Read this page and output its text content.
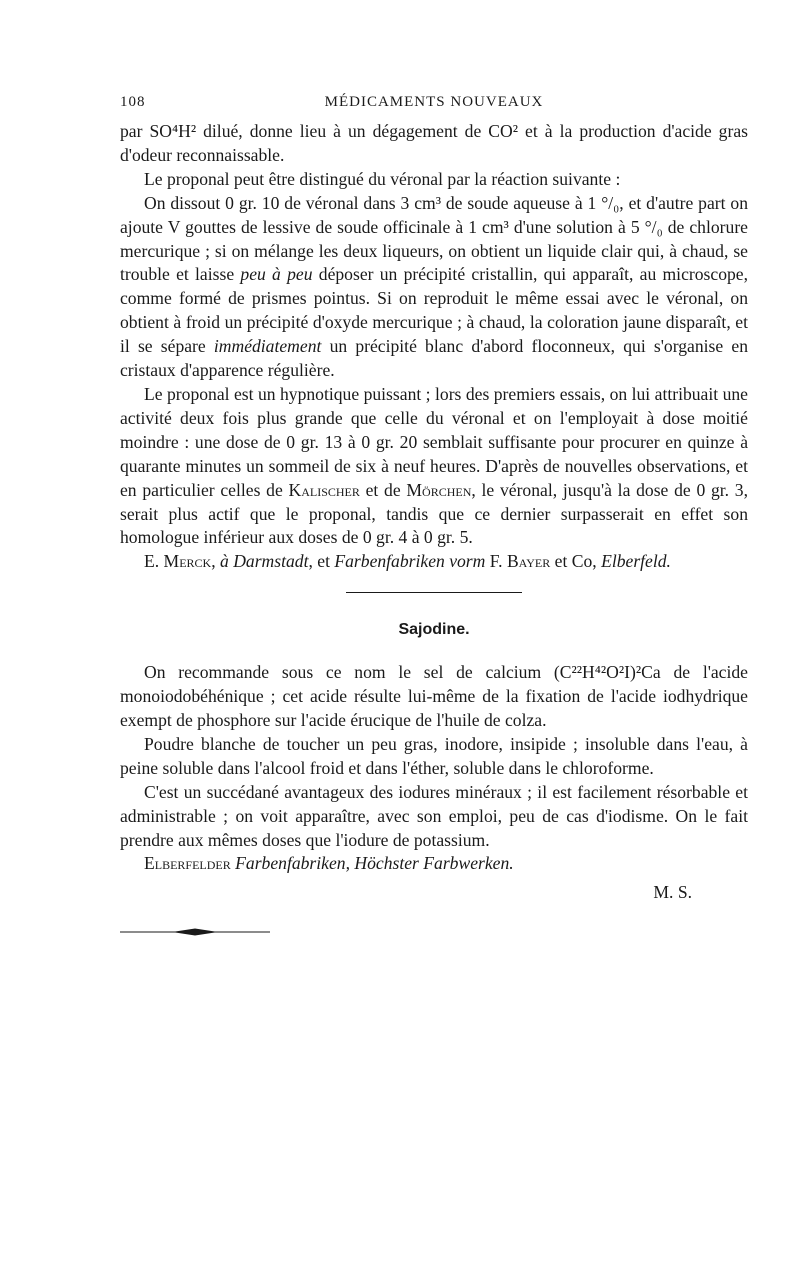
108	MÉDICAMENTS NOUVEAUX

par SO⁴H² dilué, donne lieu à un dégagement de CO² et à la production d'acide gras d'odeur reconnaissable.

Le proponal peut être distingué du véronal par la réaction suivante :

On dissout 0 gr. 10 de véronal dans 3 cm³ de soude aqueuse à 1 °/₀, et d'autre part on ajoute V gouttes de lessive de soude officinale à 1 cm³ d'une solution à 5 °/₀ de chlorure mercurique ; si on mélange les deux liqueurs, on obtient un liquide clair qui, à chaud, se trouble et laisse peu à peu déposer un précipité cristallin, qui apparaît, au microscope, comme formé de prismes pointus. Si on reproduit le même essai avec le véronal, on obtient à froid un précipité d'oxyde mercurique ; à chaud, la coloration jaune disparaît, et il se sépare immédiatement un précipité blanc d'abord floconneux, qui s'organise en cristaux d'apparence régulière.

Le proponal est un hypnotique puissant ; lors des premiers essais, on lui attribuait une activité deux fois plus grande que celle du véronal et on l'employait à dose moitié moindre : une dose de 0 gr. 13 à 0 gr. 20 semblait suffisante pour procurer en quinze à quarante minutes un sommeil de six à neuf heures. D'après de nouvelles observations, et en particulier celles de Kalischer et de Mörchen, le véronal, jusqu'à la dose de 0 gr. 3, serait plus actif que le proponal, tandis que ce dernier surpasserait en effet son homologue inférieur aux doses de 0 gr. 4 à 0 gr. 5.

E. Merck, à Darmstadt, et Farbenfabriken vorm F. Bayer et Co, Elberfeld.

Sajodine.

On recommande sous ce nom le sel de calcium (C²²H⁴²O²I)²Ca de l'acide monoiodobéhénique ; cet acide résulte lui-même de la fixation de l'acide iodhydrique exempt de phosphore sur l'acide érucique de l'huile de colza.

Poudre blanche de toucher un peu gras, inodore, insipide ; insoluble dans l'eau, à peine soluble dans l'alcool froid et dans l'éther, soluble dans le chloroforme.

C'est un succédané avantageux des iodures minéraux ; il est facilement résorbable et administrable ; on voit apparaître, avec son emploi, peu de cas d'iodisme. On le fait prendre aux mêmes doses que l'iodure de potassium.

Elberfelder Farbenfabriken, Höchster Farbwerken.

M. S.
